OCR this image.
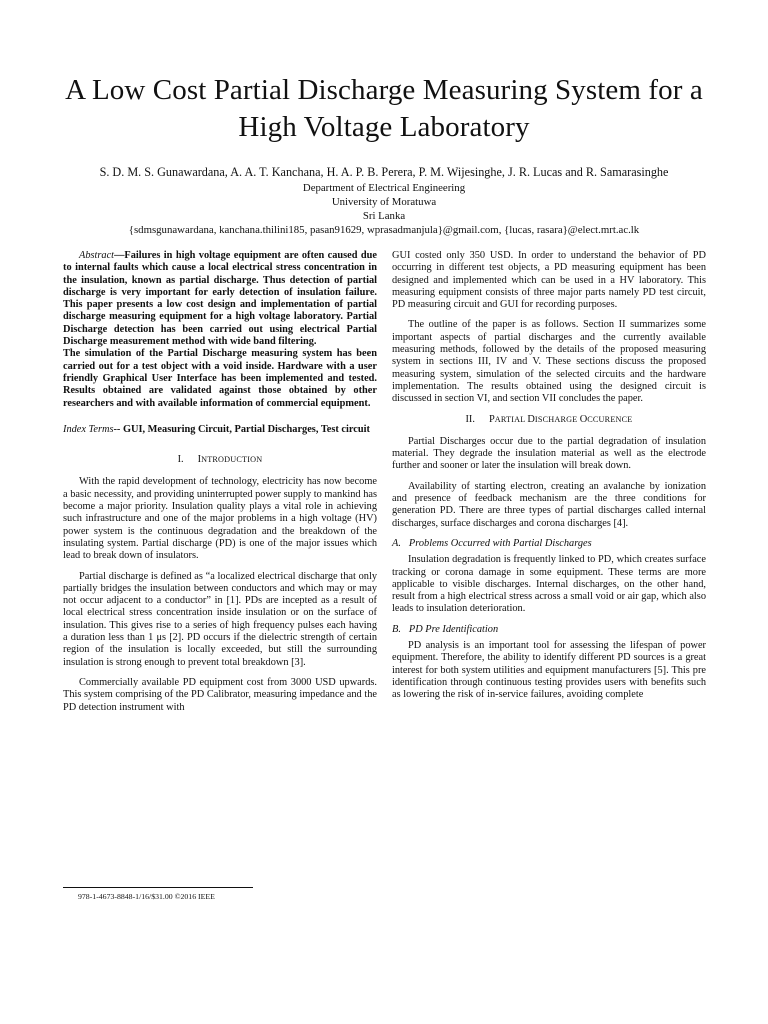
A Low Cost Partial Discharge Measuring System for a
High Voltage Laboratory
S. D. M. S. Gunawardana, A. A. T. Kanchana, H. A. P. B. Perera, P. M. Wijesinghe, J. R. Lucas and R. Samarasinghe
Department of Electrical Engineering
University of Moratuwa
Sri Lanka
{sdmsgunawardana, kanchana.thilini185, pasan91629, wprasadmanjula}@gmail.com, {lucas, rasara}@elect.mrt.ac.lk

Abstract—Failures in high voltage equipment are often caused due to internal faults which cause a local electrical stress concentration in the insulation, known as partial discharge. Thus detection of partial discharge is very important for early detection of insulation failure. This paper presents a low cost design and implementation of partial discharge measuring equipment for a high voltage laboratory. Partial Discharge detection has been carried out using electrical Partial Discharge measurement method with wide band filtering.

The simulation of the Partial Discharge measuring system has been carried out for a test object with a void inside. Hardware with a user friendly Graphical User Interface has been implemented and tested. Results obtained are validated against those obtained by other researchers and with available information of commercial equipment.

Index Terms-- GUI, Measuring Circuit, Partial Discharges, Test circuit

I. INTRODUCTION

With the rapid development of technology, electricity has now become a basic necessity, and providing uninterrupted power supply to mankind has become a major priority. Insulation quality plays a vital role in achieving such infrastructure and one of the major problems in a high voltage (HV) power system is the continuous degradation and the breakdown of the insulating system. Partial discharge (PD) is one of the major issues which lead to break down of insulators.

Partial discharge is defined as “a localized electrical discharge that only partially bridges the insulation between conductors and which may or may not occur adjacent to a conductor” in [1]. PDs are incepted as a result of local electrical stress concentration inside insulation or on the surface of insulation. This gives rise to a series of high frequency pulses each having a duration less than 1 μs [2]. PD occurs if the dielectric strength of certain region of the insulation is locally exceeded, but still the surrounding insulation is strong enough to prevent total breakdown [3].

Commercially available PD equipment cost from 3000 USD upwards. This system comprising of the PD Calibrator, measuring impedance and the PD detection instrument with

GUI costed only 350 USD. In order to understand the behavior of PD occurring in different test objects, a PD measuring equipment has been designed and implemented which can be used in a HV laboratory. This measuring equipment consists of three major parts namely PD test circuit, PD measuring circuit and GUI for recording purposes.

The outline of the paper is as follows. Section II summarizes some important aspects of partial discharges and the currently available measuring methods, followed by the details of the proposed measuring system in sections III, IV and V. These sections discuss the proposed measuring system, simulation of the selected circuits and the hardware implementation. The results obtained using the designed circuit is discussed in section VI, and section VII concludes the paper.

II. PARTIAL DISCHARGE OCCURENCE

Partial Discharges occur due to the partial degradation of insulation material. They degrade the insulation material as well as the electrode further and sooner or later the insulation will break down.

Availability of starting electron, creating an avalanche by ionization and presence of feedback mechanism are the three conditions for generation PD. There are three types of partial discharges called internal discharges, surface discharges and corona discharges [4].

A. Problems Occurred with Partial Discharges

Insulation degradation is frequently linked to PD, which creates surface tracking or corona damage in some equipment. These terms are more applicable to visible discharges. Internal discharges, on the other hand, result from a high electrical stress across a small void or air gap, which also leads to insulation deterioration.

B. PD Pre Identification

PD analysis is an important tool for assessing the lifespan of power equipment. Therefore, the ability to identify different PD sources is a great interest for both system utilities and equipment manufacturers [5]. This pre identification through continuous testing provides users with benefits such as lowering the risk of in-service failures, avoiding complete

978-1-4673-8848-1/16/$31.00 ©2016 IEEE
